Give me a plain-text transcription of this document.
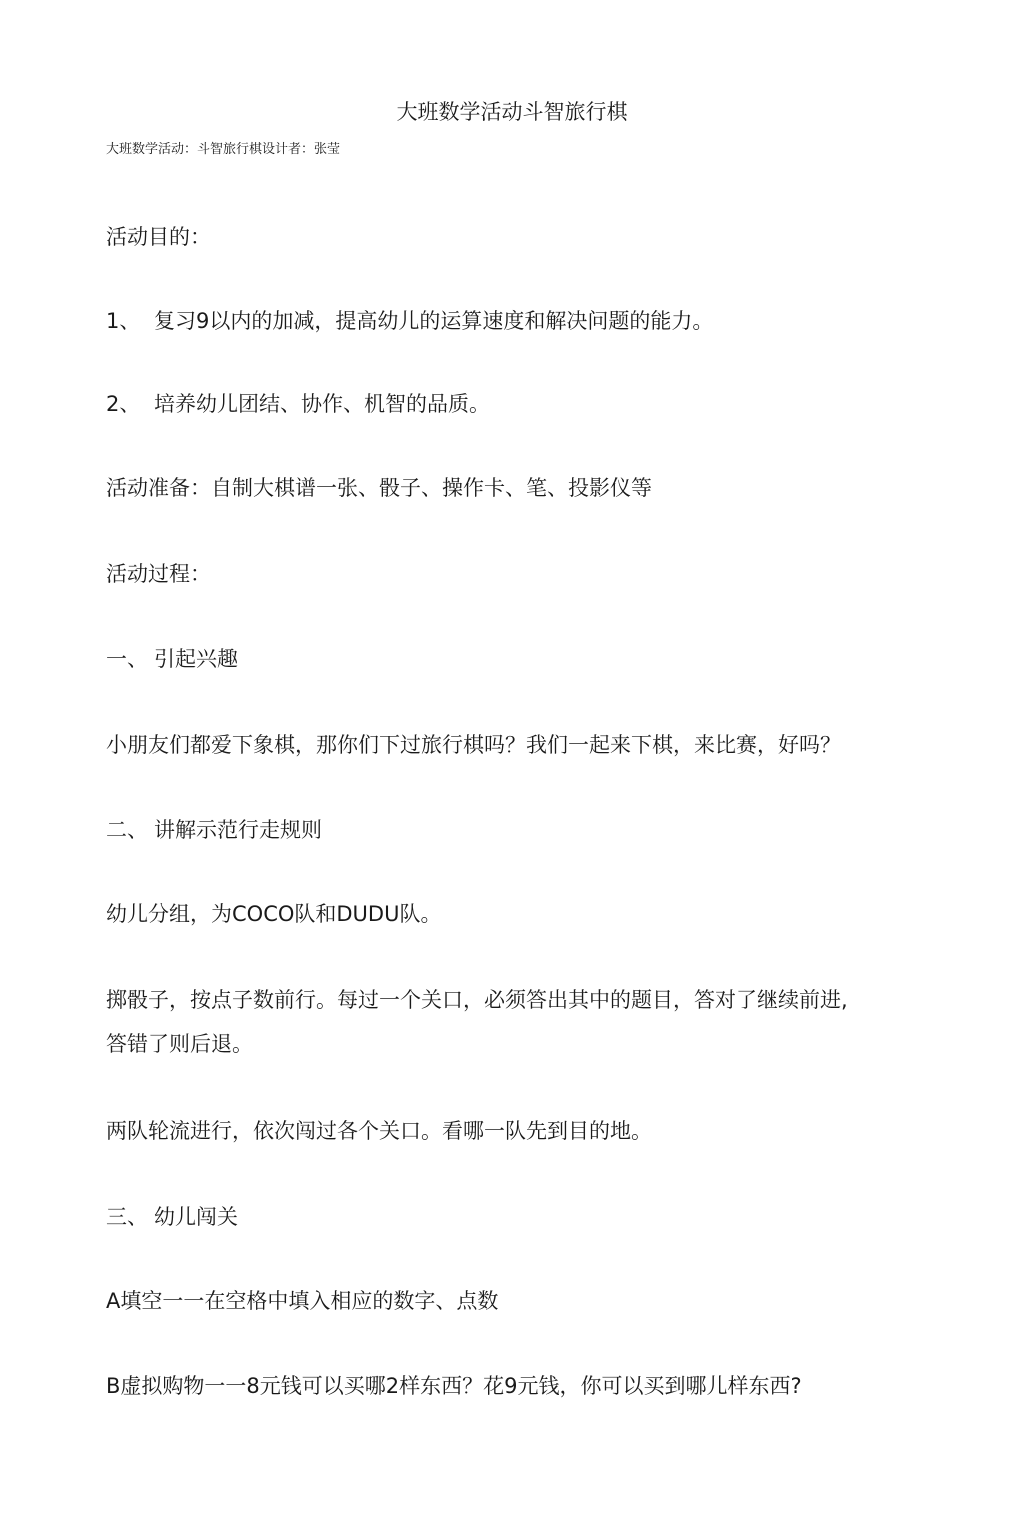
大班数学活动斗智旅行棋
大班数学活动：斗智旅行棋设计者：张莹
活动目的：
1、 复习9以内的加减，提高幼儿的运算速度和解决问题的能力。
2、 培养幼儿团结、协作、机智的品质。
活动准备：自制大棋谱一张、骰子、操作卡、笔、投影仪等
活动过程：
一、 引起兴趣
小朋友们都爱下象棋，那你们下过旅行棋吗？我们一起来下棋，来比赛，好吗？
二、 讲解示范行走规则
幼儿分组，为COCO队和DUDU队。
掷骰子，按点子数前行。每过一个关口，必须答出其中的题目，答对了继续前进,
答错了则后退。
两队轮流进行，依次闯过各个关口。看哪一队先到目的地。
三、 幼儿闯关
A填空一一在空格中填入相应的数字、点数
B虚拟购物一一8元钱可以买哪2样东西？花9元钱，你可以买到哪儿样东西?
